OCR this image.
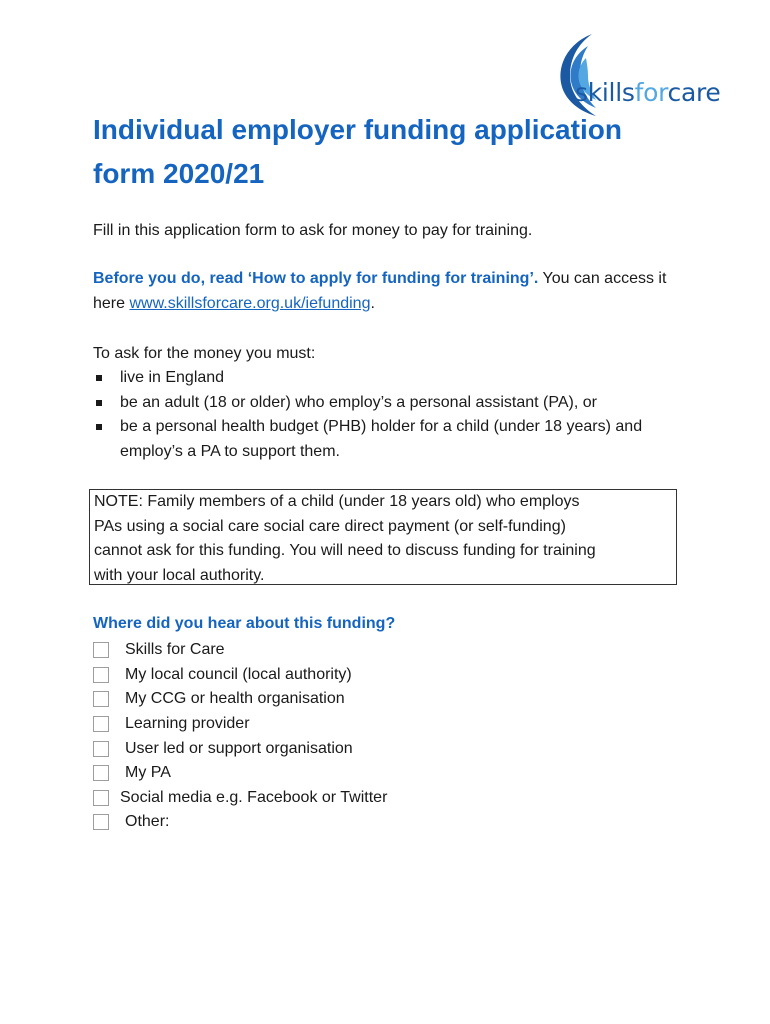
skillsforcare
Individual employer funding application form 2020/21

Fill in this application form to ask for money to pay for training.

Before you do, read ‘How to apply for funding for training’. You can access it here www.skillsforcare.org.uk/iefunding.

To ask for the money you must:

live in England
be an adult (18 or older) who employ’s a personal assistant (PA), or
be a personal health budget (PHB) holder for a child (under 18 years) and employ’s a PA to support them.
NOTE: Family members of a child (under 18 years old) who employs
PAs using a social care social care direct payment (or self-funding)
cannot ask for this funding. You will need to discuss funding for training
with your local authority.
Where did you hear about this funding?
Skills for Care
My local council (local authority)
My CCG or health organisation
Learning provider
User led or support organisation
My PA
Social media e.g. Facebook or Twitter
Other:
